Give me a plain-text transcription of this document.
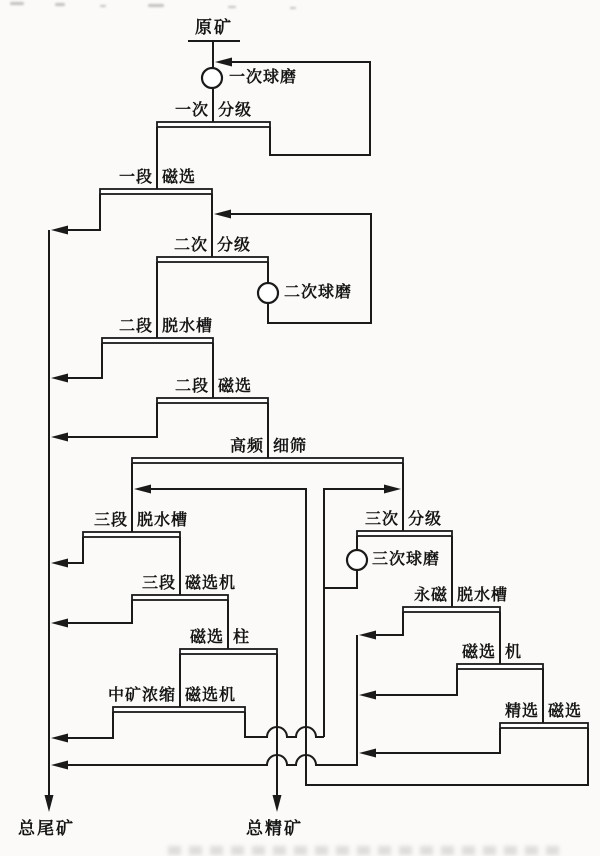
原矿
总尾矿	总精矿
一次球磨
二次球磨
三次球磨
一次 分级
一段 磁选
二次 分级
二段 脱水槽
二段 磁选
高频 细筛
三段 脱水槽	三次 分级
三段 磁选机
磁选 柱
中矿浓缩 磁选机
永磁 脱水槽
磁选 机
精选 磁选
